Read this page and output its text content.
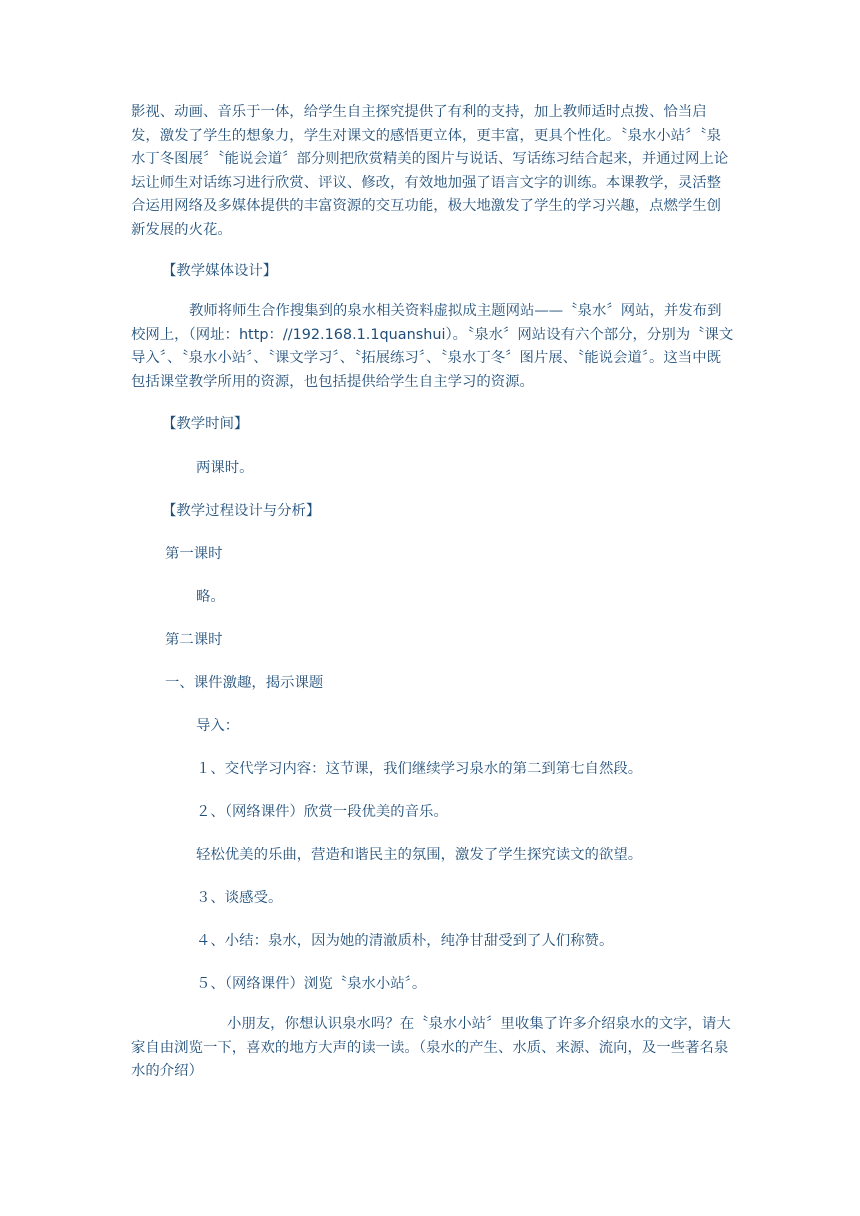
影视、动画、音乐于一体，给学生自主探究提供了有利的支持，加上教师适时点拨、恰当启发，激发了学生的想象力，学生对课文的感悟更立体，更丰富，更具个性化。〝泉水小站〞〝泉水丁冬图展〞〝能说会道〞部分则把欣赏精美的图片与说话、写话练习结合起来，并通过网上论坛让师生对话练习进行欣赏、评议、修改，有效地加强了语言文字的训练。本课教学，灵活整合运用网络及多媒体提供的丰富资源的交互功能，极大地激发了学生的学习兴趣，点燃学生创新发展的火花。

【教学媒体设计】

教师将师生合作搜集到的泉水相关资料虚拟成主题网站——〝泉水〞网站，并发布到校网上，（网址：http：//192.168.1.1quanshui）。〝泉水〞网站设有六个部分，分别为〝课文导入〞、〝泉水小站〞、〝课文学习〞、〝拓展练习〞、〝泉水丁冬〞图片展、〝能说会道〞。这当中既包括课堂教学所用的资源，也包括提供给学生自主学习的资源。

【教学时间】

两课时。

【教学过程设计与分析】

第一课时

略。

第二课时

一、课件激趣，揭示课题

导入：

１、交代学习内容：这节课，我们继续学习泉水的第二到第七自然段。

２、（网络课件）欣赏一段优美的音乐。

轻松优美的乐曲，营造和谐民主的氛围，激发了学生探究读文的欲望。

３、谈感受。

４、小结：泉水，因为她的清澈质朴，纯净甘甜受到了人们称赞。

５、（网络课件）浏览〝泉水小站〞。

小朋友，你想认识泉水吗？在〝泉水小站〞里收集了许多介绍泉水的文字，请大家自由浏览一下，喜欢的地方大声的读一读。（泉水的产生、水质、来源、流向，及一些著名泉水的介绍）
